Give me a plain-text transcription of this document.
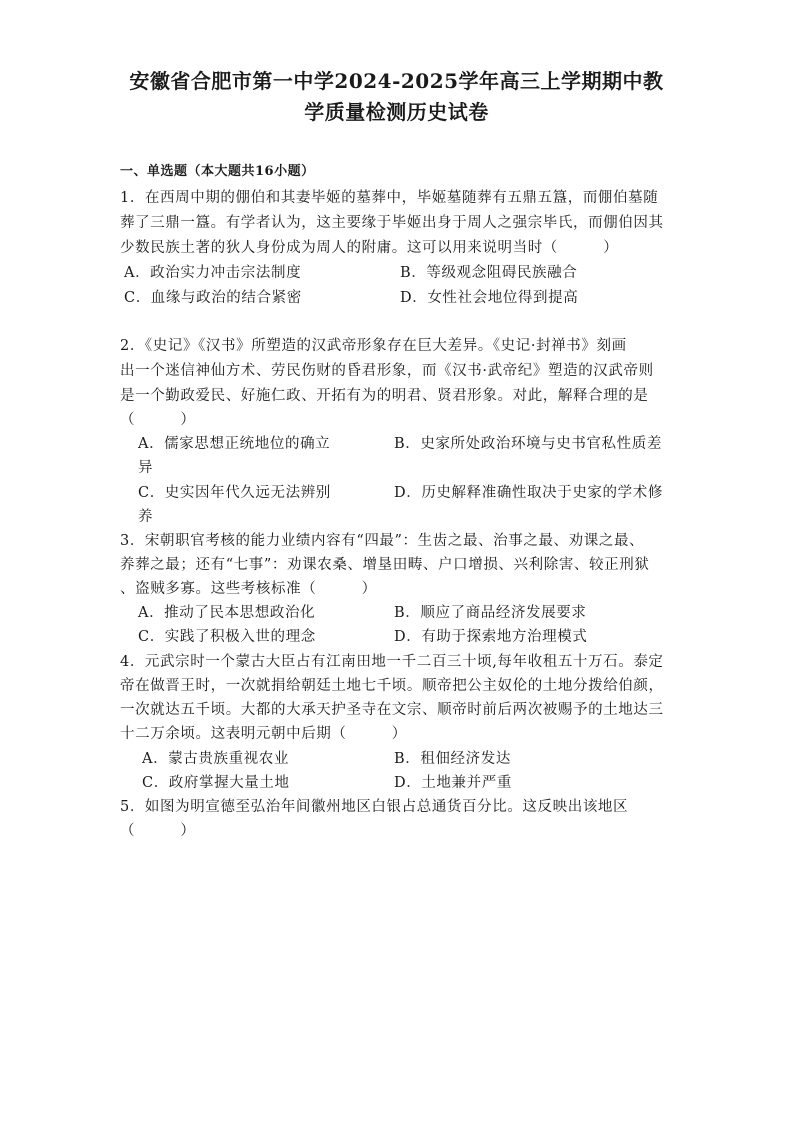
安徽省合肥市第一中学2024-2025学年高三上学期期中教
学质量检测历史试卷
一、单选题（本大题共16小题）
1．在西周中期的倗伯和其妻毕姬的墓葬中，毕姬墓随葬有五鼎五簋，而倗伯墓随
葬了三鼎一簋。有学者认为，这主要缘于毕姬出身于周人之强宗毕氏，而倗伯因其
少数民族土著的狄人身份成为周人的附庸。这可以用来说明当时（　　　）
A．政治实力冲击宗法制度	B．等级观念阻碍民族融合
C．血缘与政治的结合紧密	D．女性社会地位得到提高
2．《史记》《汉书》所塑造的汉武帝形象存在巨大差异。《史记·封禅书》刻画
出一个迷信神仙方术、劳民伤财的昏君形象，而《汉书·武帝纪》塑造的汉武帝则
是一个勤政爱民、好施仁政、开拓有为的明君、贤君形象。对此，解释合理的是
（　　　）
A．儒家思想正统地位的确立	B．史家所处政治环境与史书官私性质差
异
C．史实因年代久远无法辨别	D．历史解释准确性取决于史家的学术修
养
3．宋朝职官考核的能力业绩内容有“四最”：生齿之最、治事之最、劝课之最、
养葬之最；还有“七事”：劝课农桑、增垦田畴、户口增损、兴利除害、较正刑狱
、盗贼多寡。这些考核标准（　　　）
A．推动了民本思想政治化	B．顺应了商品经济发展要求
C．实践了积极入世的理念	D．有助于探索地方治理模式
4．元武宗时一个蒙古大臣占有江南田地一千二百三十顷,每年收租五十万石。泰定
帝在做晋王时，一次就捐给朝廷土地七千顷。顺帝把公主奴伦的土地分拨给伯颜，
一次就达五千顷。大都的大承天护圣寺在文宗、顺帝时前后两次被赐予的土地达三
十二万余顷。这表明元朝中后期（　　　）
A．蒙古贵族重视农业	B．租佃经济发达
C．政府掌握大量土地	D．土地兼并严重
5．如图为明宣德至弘治年间徽州地区白银占总通货百分比。这反映出该地区
（　　　）
